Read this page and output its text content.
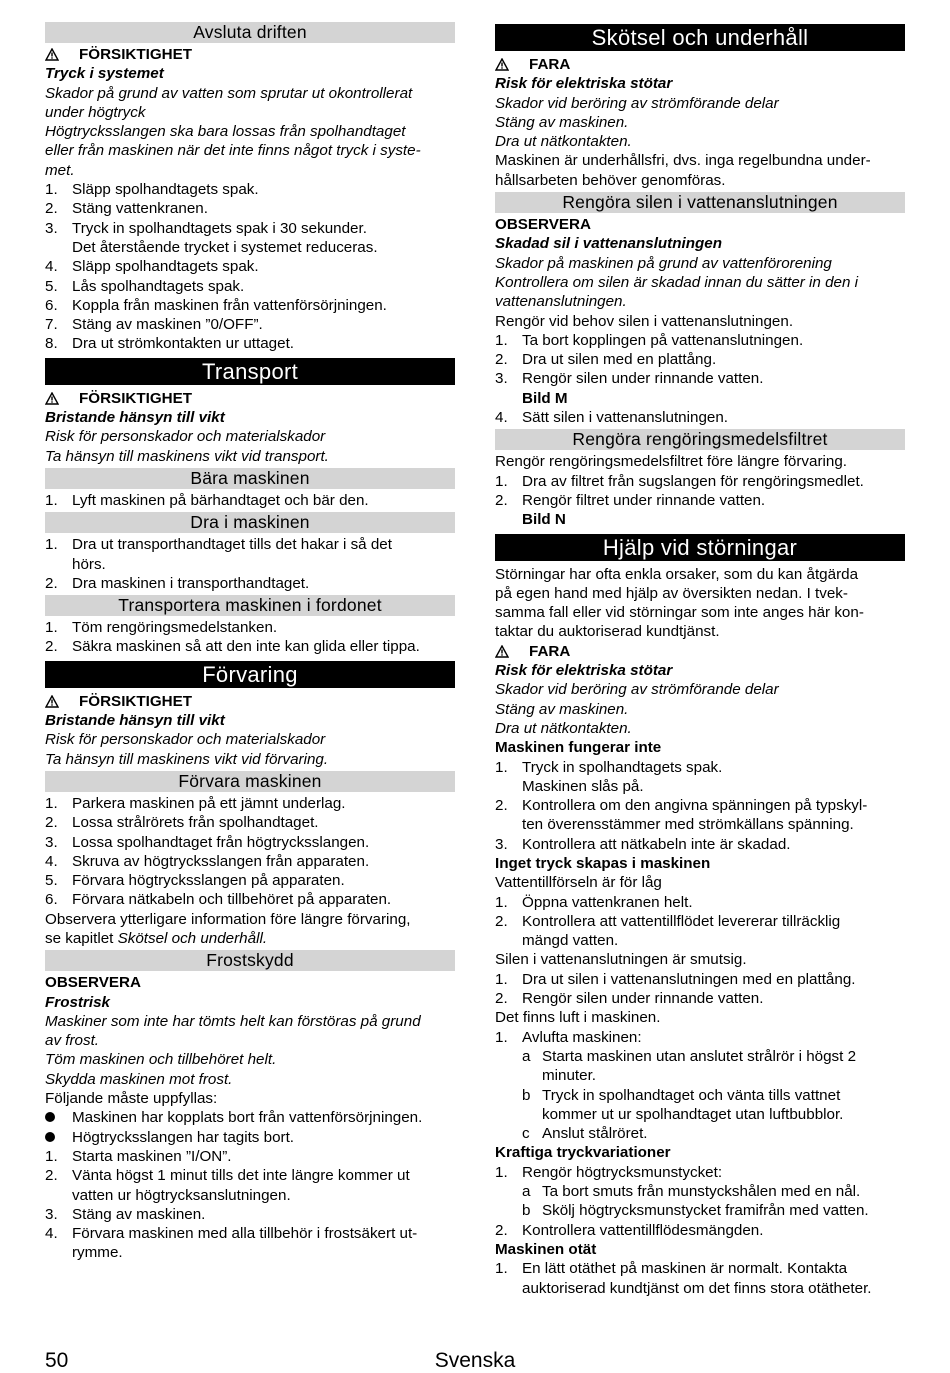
Avsluta driften
FÖRSIKTIGHET
Tryck i systemet
Skador på grund av vatten som sprutar ut okontrollerat
under högtryck
Högtrycksslangen ska bara lossas från spolhandtaget
eller från maskinen när det inte finns något tryck i syste-
met.
1. Släpp spolhandtagets spak.
2. Stäng vattenkranen.
3. Tryck in spolhandtagets spak i 30 sekunder.
Det återstående trycket i systemet reduceras.
4. Släpp spolhandtagets spak.
5. Lås spolhandtagets spak.
6. Koppla från maskinen från vattenförsörjningen.
7. Stäng av maskinen ”0/OFF”.
8. Dra ut strömkontakten ur uttaget.
Transport
FÖRSIKTIGHET
Bristande hänsyn till vikt
Risk för personskador och materialskador
Ta hänsyn till maskinens vikt vid transport.
Bära maskinen
1. Lyft maskinen på bärhandtaget och bär den.
Dra i maskinen
1. Dra ut transporthandtaget tills det hakar i så det
hörs.
2. Dra maskinen i transporthandtaget.
Transportera maskinen i fordonet
1. Töm rengöringsmedelstanken.
2. Säkra maskinen så att den inte kan glida eller tippa.
Förvaring
FÖRSIKTIGHET
Bristande hänsyn till vikt
Risk för personskador och materialskador
Ta hänsyn till maskinens vikt vid förvaring.
Förvara maskinen
1. Parkera maskinen på ett jämnt underlag.
2. Lossa strålrörets från spolhandtaget.
3. Lossa spolhandtaget från högtrycksslangen.
4. Skruva av högtrycksslangen från apparaten.
5. Förvara högtrycksslangen på apparaten.
6. Förvara nätkabeln och tillbehöret på apparaten.
Observera ytterligare information före längre förvaring,
se kapitlet Skötsel och underhåll.
Frostskydd
OBSERVERA
Frostrisk
Maskiner som inte har tömts helt kan förstöras på grund
av frost.
Töm maskinen och tillbehöret helt.
Skydda maskinen mot frost.
Följande måste uppfyllas:
Maskinen har kopplats bort från vattenförsörjningen.
Högtrycksslangen har tagits bort.
1. Starta maskinen ”I/ON”.
2. Vänta högst 1 minut tills det inte längre kommer ut
vatten ur högtrycksanslutningen.
3. Stäng av maskinen.
4. Förvara maskinen med alla tillbehör i frostsäkert ut-
rymme.
Skötsel och underhåll
FARA
Risk för elektriska stötar
Skador vid beröring av strömförande delar
Stäng av maskinen.
Dra ut nätkontakten.
Maskinen är underhållsfri, dvs. inga regelbundna under-
hållsarbeten behöver genomföras.
Rengöra silen i vattenanslutningen
OBSERVERA
Skadad sil i vattenanslutningen
Skador på maskinen på grund av vattenförorening
Kontrollera om silen är skadad innan du sätter in den i
vattenanslutningen.
Rengör vid behov silen i vattenanslutningen.
1. Ta bort kopplingen på vattenanslutningen.
2. Dra ut silen med en plattång.
3. Rengör silen under rinnande vatten.
Bild M
4. Sätt silen i vattenanslutningen.
Rengöra rengöringsmedelsfiltret
Rengör rengöringsmedelsfiltret före längre förvaring.
1. Dra av filtret från sugslangen för rengöringsmedlet.
2. Rengör filtret under rinnande vatten.
Bild N
Hjälp vid störningar
Störningar har ofta enkla orsaker, som du kan åtgärda
på egen hand med hjälp av översikten nedan. I tvek-
samma fall eller vid störningar som inte anges här kon-
taktar du auktoriserad kundtjänst.
FARA
Risk för elektriska stötar
Skador vid beröring av strömförande delar
Stäng av maskinen.
Dra ut nätkontakten.
Maskinen fungerar inte
1. Tryck in spolhandtagets spak.
Maskinen slås på.
2. Kontrollera om den angivna spänningen på typskyl-
ten överensstämmer med strömkällans spänning.
3. Kontrollera att nätkabeln inte är skadad.
Inget tryck skapas i maskinen
Vattentillförseln är för låg
1. Öppna vattenkranen helt.
2. Kontrollera att vattentillflödet levererar tillräcklig
mängd vatten.
Silen i vattenanslutningen är smutsig.
1. Dra ut silen i vattenanslutningen med en plattång.
2. Rengör silen under rinnande vatten.
Det finns luft i maskinen.
1. Avlufta maskinen:
a Starta maskinen utan anslutet strålrör i högst 2
minuter.
b Tryck in spolhandtaget och vänta tills vattnet
kommer ut ur spolhandtaget utan luftbubblor.
c Anslut stålröret.
Kraftiga tryckvariationer
1. Rengör högtrycksmunstycket:
a Ta bort smuts från munstyckshålen med en nål.
b Skölj högtrycksmunstycket framifrån med vatten.
2. Kontrollera vattentillflödesmängden.
Maskinen otät
1. En lätt otäthet på maskinen är normalt. Kontakta
auktoriserad kundtjänst om det finns stora otätheter.
Svenska
50
